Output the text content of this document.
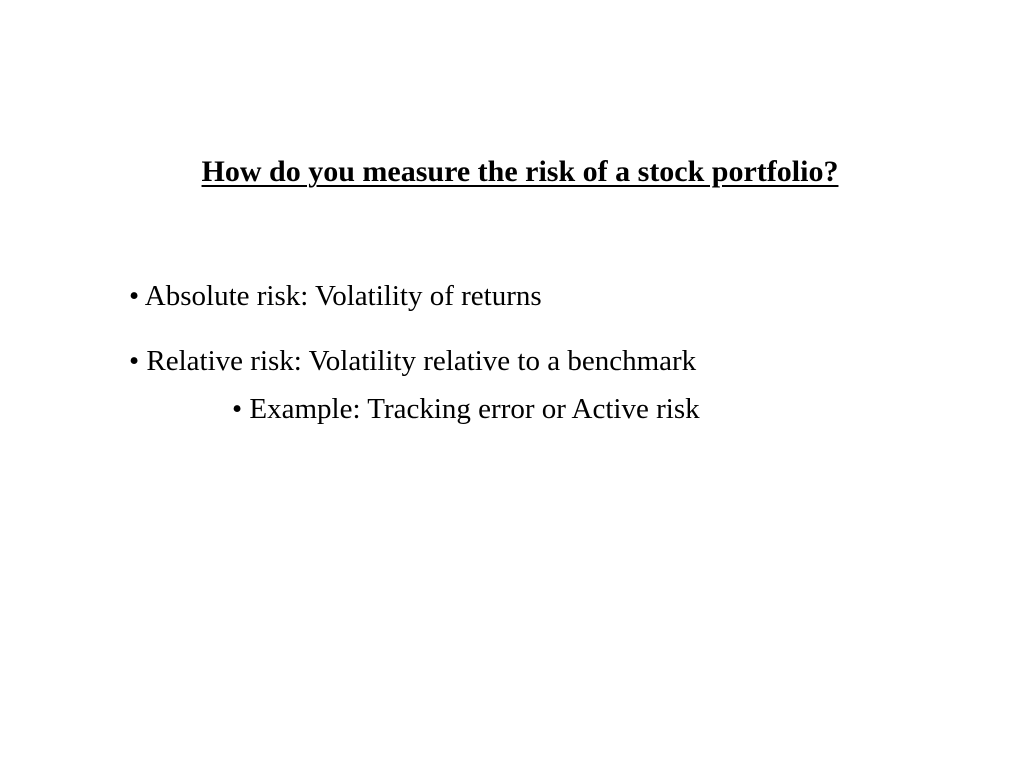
How do you measure the risk of a stock portfolio?
• Absolute risk: Volatility of returns
• Relative risk: Volatility relative to a benchmark
• Example: Tracking error or Active risk
